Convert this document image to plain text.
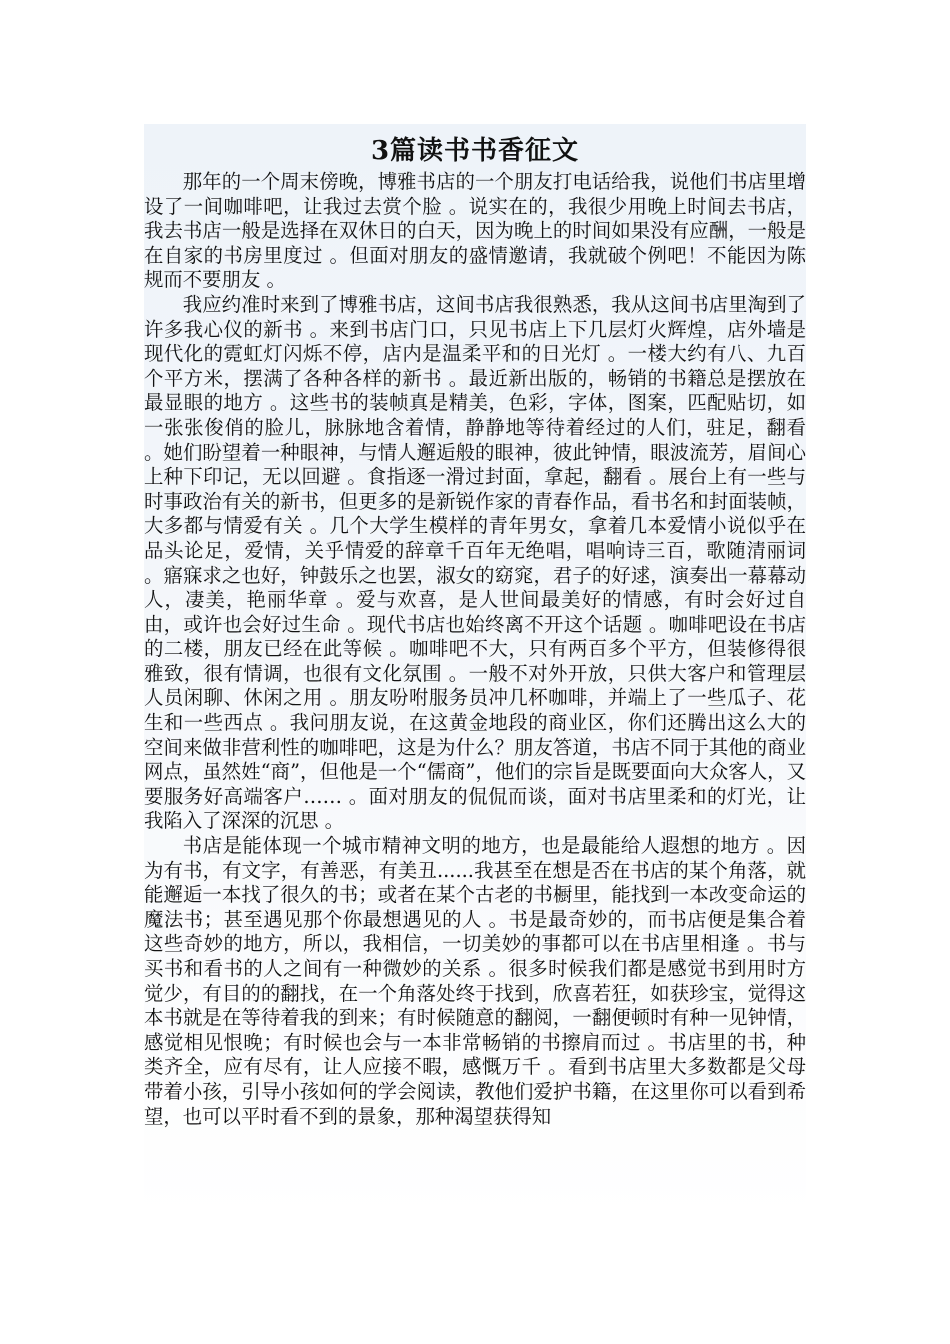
3篇读书书香征文

那年的一个周末傍晚，博雅书店的一个朋友打电话给我，说他们书店里增设了一间咖啡吧，让我过去赏个脸 。说实在的，我很少用晚上时间去书店，我去书店一般是选择在双休日的白天，因为晚上的时间如果没有应酬，一般是在自家的书房里度过 。但面对朋友的盛情邀请，我就破个例吧！不能因为陈规而不要朋友 。

我应约准时来到了博雅书店，这间书店我很熟悉，我从这间书店里淘到了许多我心仪的新书 。来到书店门口，只见书店上下几层灯火辉煌，店外墙是现代化的霓虹灯闪烁不停，店内是温柔平和的日光灯 。一楼大约有八、九百个平方米，摆满了各种各样的新书 。最近新出版的，畅销的书籍总是摆放在最显眼的地方 。这些书的装帧真是精美，色彩，字体，图案，匹配贴切，如一张张俊俏的脸儿，脉脉地含着情，静静地等待着经过的人们，驻足，翻看 。她们盼望着一种眼神，与情人邂逅般的眼神，彼此钟情，眼波流芳，眉间心上种下印记，无以回避 。食指逐一滑过封面，拿起，翻看 。展台上有一些与时事政治有关的新书，但更多的是新锐作家的青春作品，看书名和封面装帧，大多都与情爱有关 。几个大学生模样的青年男女，拿着几本爱情小说似乎在品头论足，爱情，关乎情爱的辞章千百年无绝唱，唱响诗三百，歌随清丽词 。寤寐求之也好，钟鼓乐之也罢，淑女的窈窕，君子的好逑，演奏出一幕幕动人，凄美，艳丽华章 。爱与欢喜，是人世间最美好的情感，有时会好过自由，或许也会好过生命 。现代书店也始终离不开这个话题 。咖啡吧设在书店的二楼，朋友已经在此等候 。咖啡吧不大，只有两百多个平方，但装修得很雅致，很有情调，也很有文化氛围 。一般不对外开放，只供大客户和管理层人员闲聊、休闲之用 。朋友吩咐服务员冲几杯咖啡，并端上了一些瓜子、花生和一些西点 。我问朋友说，在这黄金地段的商业区，你们还腾出这么大的空间来做非营利性的咖啡吧，这是为什么？朋友答道，书店不同于其他的商业网点，虽然姓“商”，但他是一个“儒商”，他们的宗旨是既要面向大众客人，又要服务好高端客户…… 。面对朋友的侃侃而谈，面对书店里柔和的灯光，让我陷入了深深的沉思 。

书店是能体现一个城市精神文明的地方，也是最能给人遐想的地方 。因为有书，有文字，有善恶，有美丑......我甚至在想是否在书店的某个角落，就能邂逅一本找了很久的书；或者在某个古老的书橱里，能找到一本改变命运的魔法书；甚至遇见那个你最想遇见的人 。书是最奇妙的，而书店便是集合着这些奇妙的地方，所以，我相信，一切美妙的事都可以在书店里相逢 。书与买书和看书的人之间有一种微妙的关系 。很多时候我们都是感觉书到用时方觉少，有目的的翻找，在一个角落处终于找到，欣喜若狂，如获珍宝，觉得这本书就是在等待着我的到来；有时候随意的翻阅，一翻便顿时有种一见钟情，感觉相见恨晚；有时候也会与一本非常畅销的书擦肩而过 。书店里的书，种类齐全，应有尽有，让人应接不暇，感慨万千 。看到书店里大多数都是父母带着小孩，引导小孩如何的学会阅读，教他们爱护书籍，在这里你可以看到希望，也可以平时看不到的景象，那种渴望获得知
